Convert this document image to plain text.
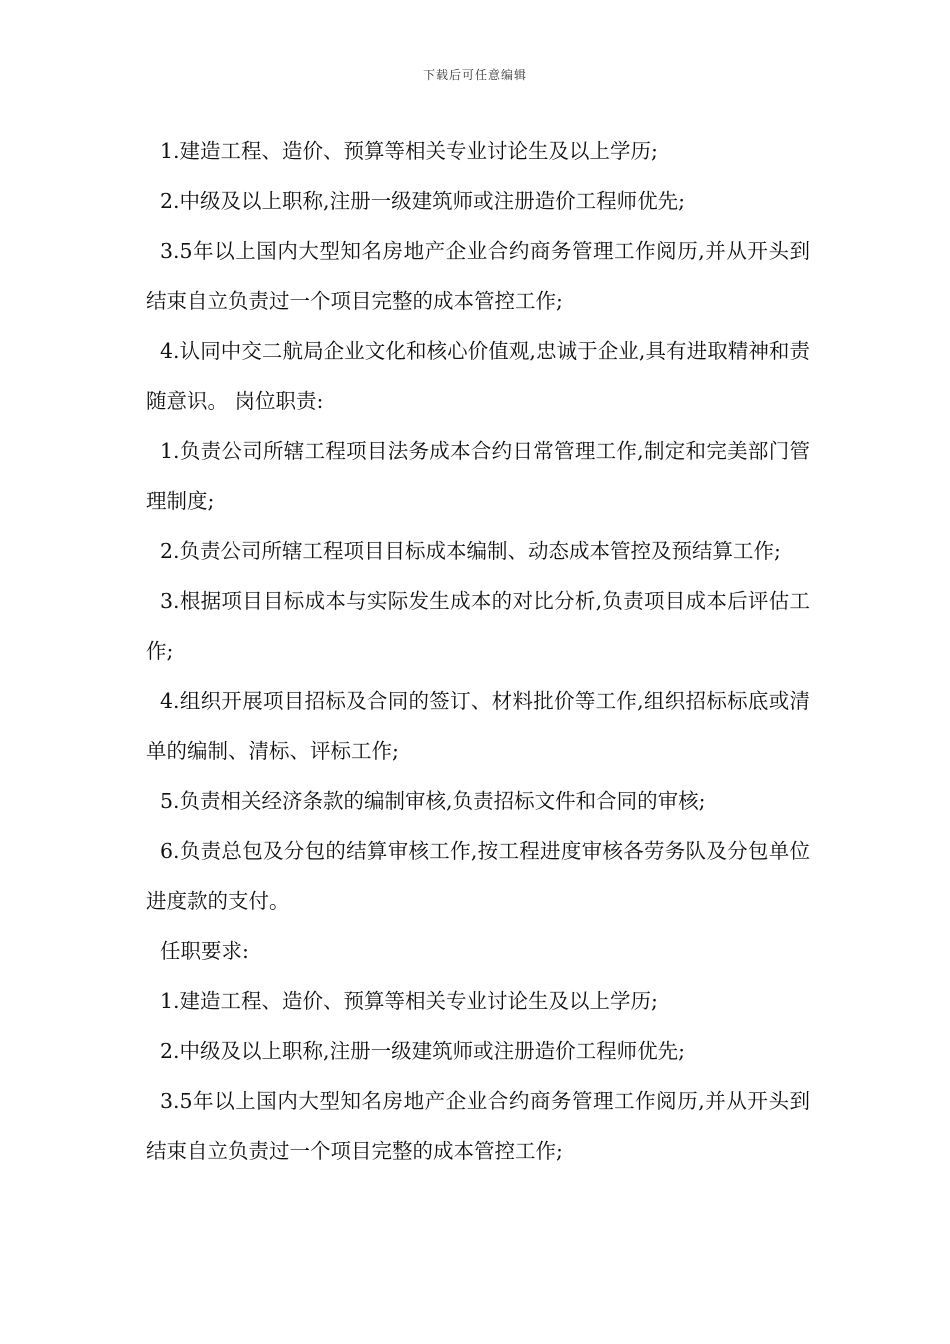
下载后可任意编辑

1.建造工程、造价、预算等相关专业讨论生及以上学历;

2.中级及以上职称,注册一级建筑师或注册造价工程师优先;

3.5年以上国内大型知名房地产企业合约商务管理工作阅历,并从开头到结束自立负责过一个项目完整的成本管控工作;

4.认同中交二航局企业文化和核心价值观,忠诚于企业,具有进取精神和责随意识。 岗位职责:

1.负责公司所辖工程项目法务成本合约日常管理工作,制定和完美部门管理制度;

2.负责公司所辖工程项目目标成本编制、动态成本管控及预结算工作;

3.根据项目目标成本与实际发生成本的对比分析,负责项目成本后评估工作;

4.组织开展项目招标及合同的签订、材料批价等工作,组织招标标底或清单的编制、清标、评标工作;

5.负责相关经济条款的编制审核,负责招标文件和合同的审核;

6.负责总包及分包的结算审核工作,按工程进度审核各劳务队及分包单位进度款的支付。

任职要求:

1.建造工程、造价、预算等相关专业讨论生及以上学历;

2.中级及以上职称,注册一级建筑师或注册造价工程师优先;

3.5年以上国内大型知名房地产企业合约商务管理工作阅历,并从开头到结束自立负责过一个项目完整的成本管控工作;
